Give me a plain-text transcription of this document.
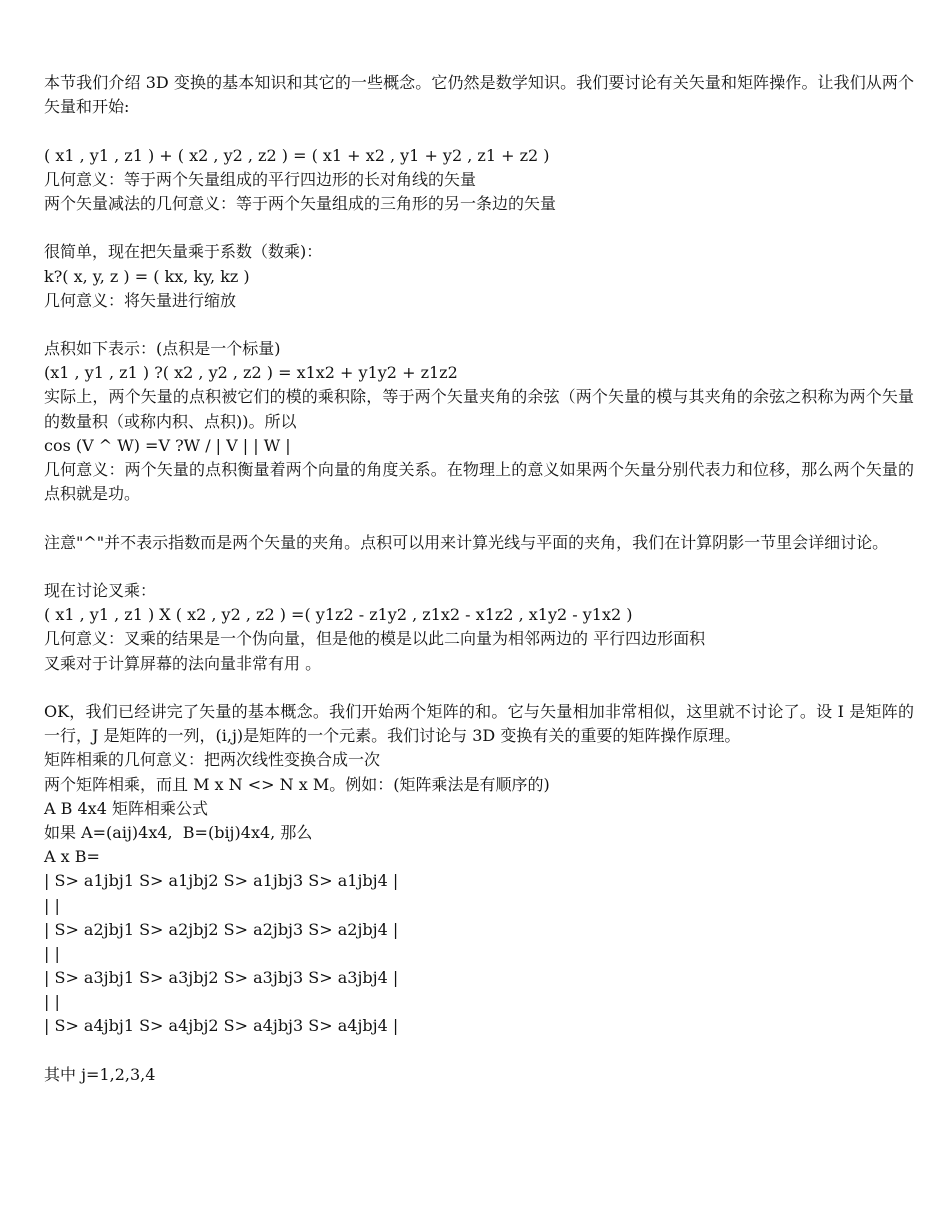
本节我们介绍 3D 变换的基本知识和其它的一些概念。它仍然是数学知识。我们要讨论有关矢量和矩阵操作。让我们从两个矢量和开始:
( x1 , y1 , z1 ) + ( x2 , y2 , z2 ) = ( x1 + x2 , y1 + y2 , z1 + z2 )
几何意义：等于两个矢量组成的平行四边形的长对角线的矢量
两个矢量减法的几何意义：等于两个矢量组成的三角形的另一条边的矢量
很简单，现在把矢量乘于系数（数乘)：
k?( x, y, z ) = ( kx, ky, kz )
几何意义：将矢量进行缩放
点积如下表示：(点积是一个标量)
(x1 , y1 , z1 ) ?( x2 , y2 , z2 ) = x1x2 + y1y2 + z1z2
实际上，两个矢量的点积被它们的模的乘积除，等于两个矢量夹角的余弦（两个矢量的模与其夹角的余弦之积称为两个矢量的数量积（或称内积、点积))。所以
cos (V ^ W) =V ?W / | V | | W |
几何意义：两个矢量的点积衡量着两个向量的角度关系。在物理上的意义如果两个矢量分别代表力和位移，那么两个矢量的点积就是功。
注意"^"并不表示指数而是两个矢量的夹角。点积可以用来计算光线与平面的夹角，我们在计算阴影一节里会详细讨论。
现在讨论叉乘：
( x1 , y1 , z1 ) X ( x2 , y2 , z2 ) =( y1z2 - z1y2 , z1x2 - x1z2 , x1y2 - y1x2 )
几何意义：叉乘的结果是一个伪向量，但是他的模是以此二向量为相邻两边的 平行四边形面积
叉乘对于计算屏幕的法向量非常有用 。
OK，我们已经讲完了矢量的基本概念。我们开始两个矩阵的和。它与矢量相加非常相似，这里就不讨论了。设 I 是矩阵的一行，J 是矩阵的一列，(i,j)是矩阵的一个元素。我们讨论与 3D 变换有关的重要的矩阵操作原理。
矩阵相乘的几何意义：把两次线性变换合成一次
两个矩阵相乘，而且 M x N <> N x M。例如：(矩阵乘法是有顺序的)
A B 4x4 矩阵相乘公式
如果 A=(aij)4x4,  B=(bij)4x4, 那么
A x B=
| S> a1jbj1 S> a1jbj2 S> a1jbj3 S> a1jbj4 |
| |
| S> a2jbj1 S> a2jbj2 S> a2jbj3 S> a2jbj4 |
| |
| S> a3jbj1 S> a3jbj2 S> a3jbj3 S> a3jbj4 |
| |
| S> a4jbj1 S> a4jbj2 S> a4jbj3 S> a4jbj4 |
其中 j=1,2,3,4
